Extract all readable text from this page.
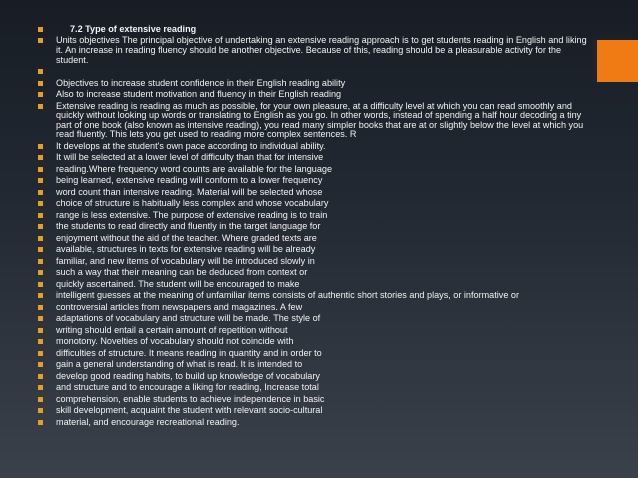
7.2 Type of extensive reading
Units objectives The principal objective of undertaking an extensive reading approach is to get students reading in English and liking it. An increase in reading fluency should be another objective. Because of this, reading should be a pleasurable activity for the student.
Objectives to increase student confidence in their English reading ability
Also to increase student motivation and fluency in their English reading
Extensive reading is reading as much as possible, for your own pleasure, at a difficulty level at which you can read smoothly and quickly without looking up words or translating to English as you go. In other words, instead of spending a half hour decoding a tiny part of one book (also known as intensive reading), you read many simpler books that are at or slightly below the level at which you read fluently. This lets you get used to reading more complex sentences. R
It develops at the student's own pace according to individual ability.
It will be selected at a lower level of difficulty than that for intensive
reading.Where frequency word counts are available for the language
being learned, extensive reading will conform to a lower frequency
word count than intensive reading. Material will be selected whose
choice of structure is habitually less complex and whose vocabulary
range is less extensive. The purpose of extensive reading is to train
the students to read directly and fluently in the target language for
enjoyment without the aid of the teacher. Where graded texts are
available, structures in texts for extensive reading will be already
familiar, and new items of vocabulary will be introduced slowly in
such a way that their meaning can be deduced from context or
quickly ascertained. The student will be encouraged to make
intelligent guesses at the meaning of unfamiliar items consists of authentic short stories and plays, or informative or
controversial articles from newspapers and magazines. A few
adaptations of vocabulary and structure will be made. The style of
writing should entail a certain amount of repetition without
monotony. Novelties of vocabulary should not coincide with
difficulties of structure. It means reading in quantity and in order to
gain a general understanding of what is read. It is intended to
develop good reading habits, to build up knowledge of vocabulary
and structure and to encourage a liking for reading, Increase total
comprehension, enable students to achieve independence in basic
skill development, acquaint the student with relevant socio-cultural
material, and encourage recreational reading.
